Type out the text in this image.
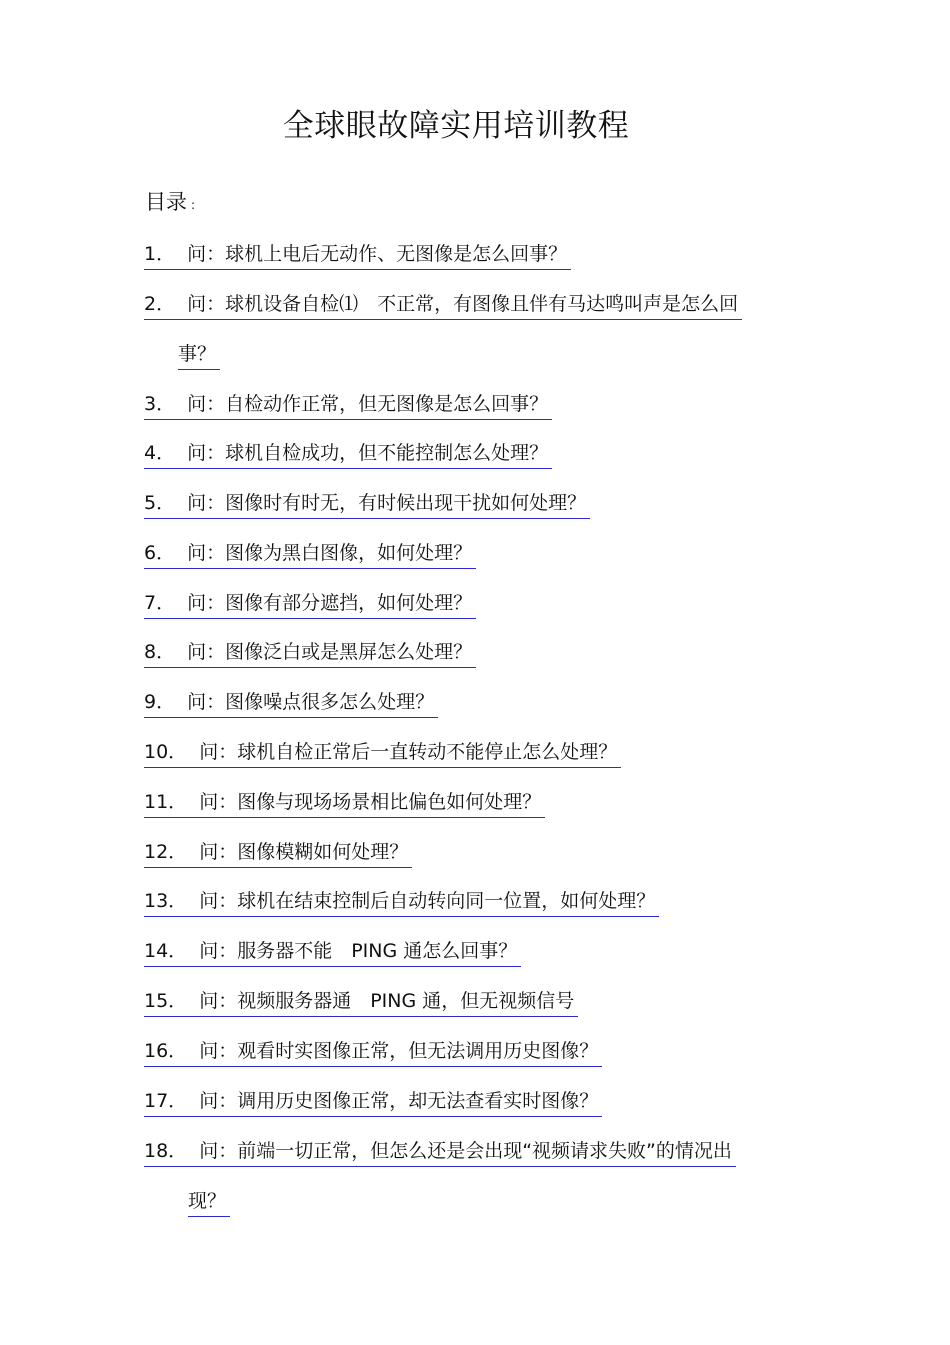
全球眼故障实用培训教程
目录 :
1． 问：球机上电后无动作、无图像是怎么回事？
2． 问：球机设备自检⑴　不正常，有图像且伴有马达鸣叫声是怎么回
事？
3． 问：自检动作正常，但无图像是怎么回事？
4． 问：球机自检成功，但不能控制怎么处理？
5． 问：图像时有时无，有时候出现干扰如何处理？
6． 问：图像为黑白图像，如何处理？
7． 问：图像有部分遮挡，如何处理？
8． 问：图像泛白或是黑屏怎么处理？
9． 问：图像噪点很多怎么处理？
10． 问：球机自检正常后一直转动不能停止怎么处理？
11． 问：图像与现场场景相比偏色如何处理？
12． 问：图像模糊如何处理？
13． 问：球机在结束控制后自动转向同一位置，如何处理？
14． 问：服务器不能　PING 通怎么回事？
15． 问：视频服务器通　PING 通，但无视频信号
16． 问：观看时实图像正常，但无法调用历史图像？
17． 问：调用历史图像正常，却无法查看实时图像？
18． 问：前端一切正常，但怎么还是会出现“视频请求失败”的情况出
现？
